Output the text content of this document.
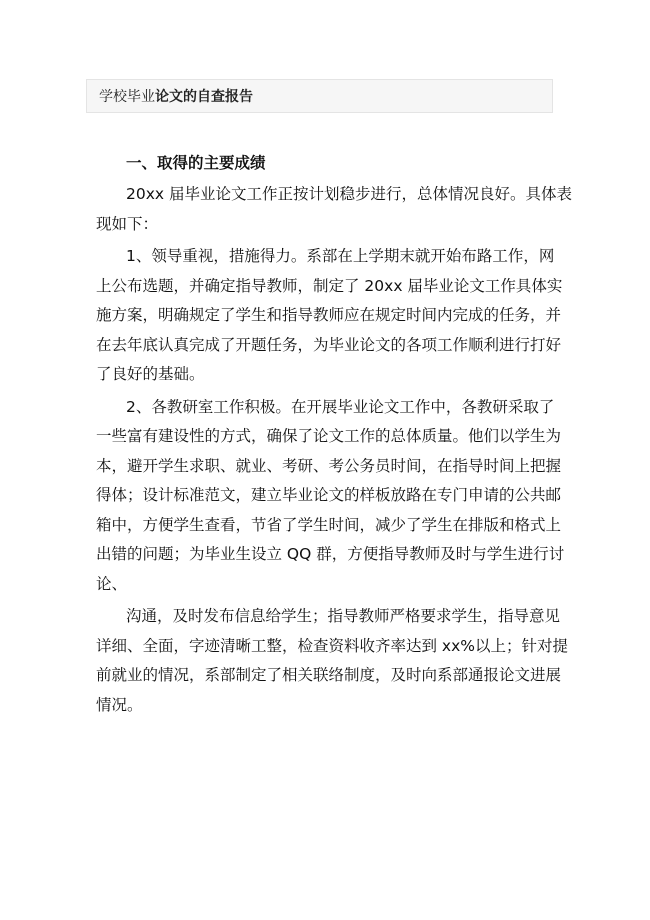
学校毕业论文的自查报告
一、取得的主要成绩
20xx 届毕业论文工作正按计划稳步进行，总体情况良好。具体表
现如下：
1、领导重视，措施得力。系部在上学期末就开始布路工作，网
上公布选题，并确定指导教师，制定了 20xx 届毕业论文工作具体实
施方案，明确规定了学生和指导教师应在规定时间内完成的任务，并
在去年底认真完成了开题任务，为毕业论文的各项工作顺利进行打好
了良好的基础。
2、各教研室工作积极。在开展毕业论文工作中，各教研采取了
一些富有建设性的方式，确保了论文工作的总体质量。他们以学生为
本，避开学生求职、就业、考研、考公务员时间，在指导时间上把握
得体；设计标准范文，建立毕业论文的样板放路在专门申请的公共邮
箱中，方便学生查看，节省了学生时间，减少了学生在排版和格式上
出错的问题；为毕业生设立 QQ 群，方便指导教师及时与学生进行讨
论、
沟通，及时发布信息给学生；指导教师严格要求学生，指导意见
详细、全面，字迹清晰工整，检查资料收齐率达到 xx%以上；针对提
前就业的情况，系部制定了相关联络制度，及时向系部通报论文进展
情况。
